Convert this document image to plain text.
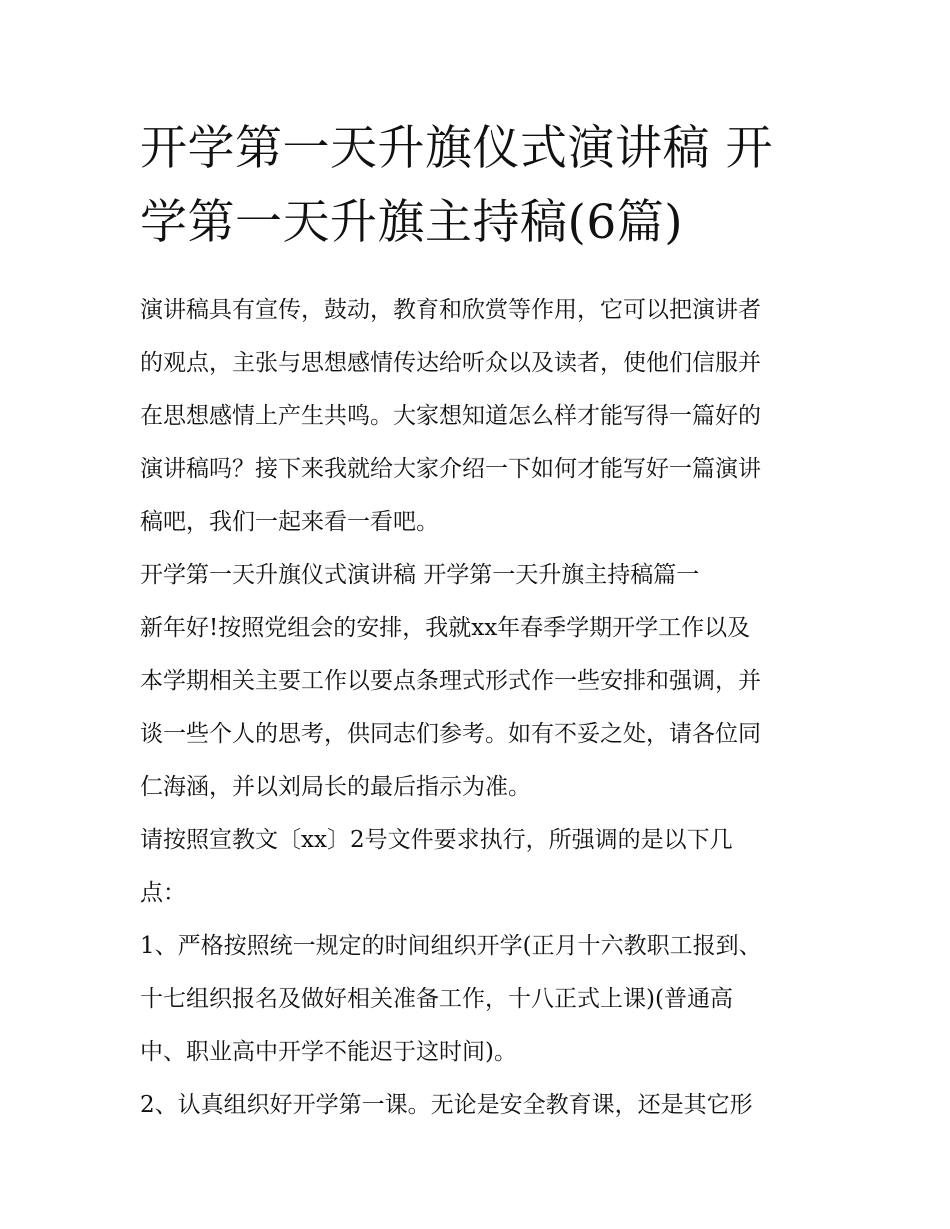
开学第一天升旗仪式演讲稿 开
学第一天升旗主持稿(6篇)
演讲稿具有宣传，鼓动，教育和欣赏等作用，它可以把演讲者
的观点，主张与思想感情传达给听众以及读者，使他们信服并
在思想感情上产生共鸣。大家想知道怎么样才能写得一篇好的
演讲稿吗？接下来我就给大家介绍一下如何才能写好一篇演讲
稿吧，我们一起来看一看吧。
开学第一天升旗仪式演讲稿 开学第一天升旗主持稿篇一
新年好!按照党组会的安排，我就xx年春季学期开学工作以及
本学期相关主要工作以要点条理式形式作一些安排和强调，并
谈一些个人的思考，供同志们参考。如有不妥之处，请各位同
仁海涵，并以刘局长的最后指示为准。
请按照宣教文〔xx〕2号文件要求执行，所强调的是以下几
点：
1、严格按照统一规定的时间组织开学(正月十六教职工报到、
十七组织报名及做好相关准备工作，十八正式上课)(普通高
中、职业高中开学不能迟于这时间)。
2、认真组织好开学第一课。无论是安全教育课，还是其它形
